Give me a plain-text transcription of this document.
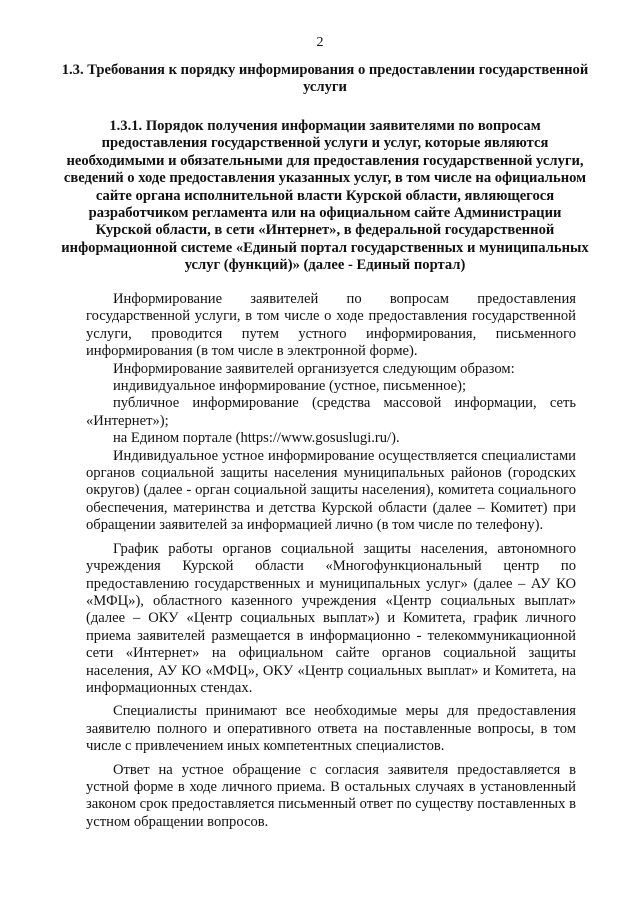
2
1.3. Требования к порядку информирования о предоставлении государственной услуги
1.3.1. Порядок получения информации заявителями по вопросам предоставления государственной услуги и услуг, которые являются необходимыми и обязательными для предоставления государственной услуги, сведений о ходе предоставления указанных услуг, в том числе на официальном сайте органа исполнительной власти Курской области, являющегося разработчиком регламента или на официальном сайте Администрации Курской области, в сети «Интернет», в федеральной государственной информационной системе «Единый портал государственных и муниципальных услуг (функций)» (далее - Единый портал)

Информирование заявителей по вопросам предоставления государственной услуги, в том числе о ходе предоставления государственной услуги, проводится путем устного информирования, письменного информирования (в том числе в электронной форме).

Информирование заявителей организуется следующим образом:

индивидуальное информирование (устное, письменное);

публичное информирование (средства массовой информации, сеть «Интернет»);

на Едином портале (https://www.gosuslugi.ru/).

Индивидуальное устное информирование осуществляется специалистами органов социальной защиты населения муниципальных районов (городских округов) (далее - орган социальной защиты населения), комитета социального обеспечения, материнства и детства Курской области (далее – Комитет) при обращении заявителей за информацией лично (в том числе по телефону).

График работы органов социальной защиты населения, автономного учреждения Курской области «Многофункциональный центр по предоставлению государственных и муниципальных услуг» (далее – АУ КО «МФЦ»), областного казенного учреждения «Центр социальных выплат» (далее – ОКУ «Центр социальных выплат») и Комитета, график личного приема заявителей размещается в информационно - телекоммуникационной сети «Интернет» на официальном сайте органов социальной защиты населения, АУ КО «МФЦ», ОКУ «Центр социальных выплат» и Комитета, на информационных стендах.

Специалисты принимают все необходимые меры для предоставления заявителю полного и оперативного ответа на поставленные вопросы, в том числе с привлечением иных компетентных специалистов.

Ответ на устное обращение с согласия заявителя предоставляется в устной форме в ходе личного приема. В остальных случаях в установленный законом срок предоставляется письменный ответ по существу поставленных в устном обращении вопросов.
